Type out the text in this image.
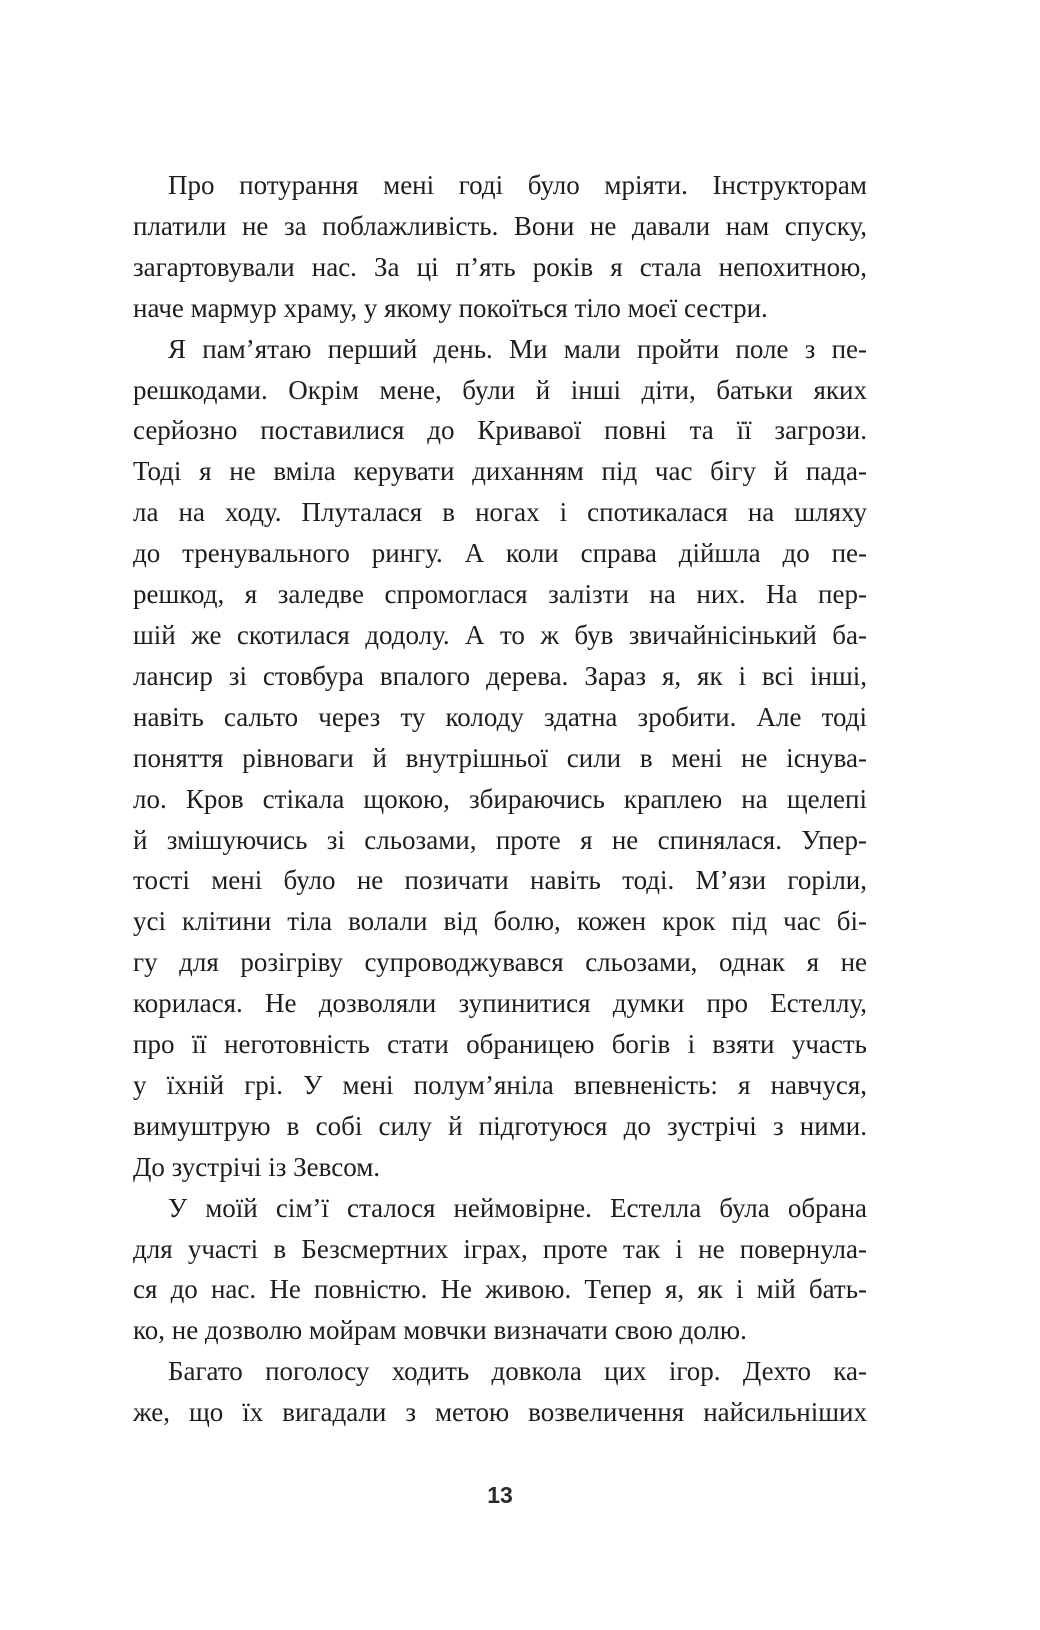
Про потурання мені годі було мріяти. Інструкторам
платили не за поблажливість. Вони не давали нам спуску,
загартовували нас. За ці п’ять років я стала непохитною,
наче мармур храму, у якому покоїться тіло моєї сестри.
Я пам’ятаю перший день. Ми мали пройти поле з пе-
решкодами. Окрім мене, були й інші діти, батьки яких
серйозно поставилися до Кривавої повні та її загрози.
Тоді я не вміла керувати диханням під час бігу й пада-
ла на ходу. Плуталася в ногах і спотикалася на шляху
до тренувального рингу. А коли справа дійшла до пе-
решкод, я заледве спромоглася залізти на них. На пер-
шій же скотилася додолу. А то ж був звичайнісінький ба-
лансир зі стовбура впалого дерева. Зараз я, як і всі інші,
навіть сальто через ту колоду здатна зробити. Але тоді
поняття рівноваги й внутрішньої сили в мені не існува-
ло. Кров стікала щокою, збираючись краплею на щелепі
й змішуючись зі сльозами, проте я не спинялася. Упер-
тості мені було не позичати навіть тоді. М’язи горіли,
усі клітини тіла волали від болю, кожен крок під час бі-
гу для розігріву супроводжувався сльозами, однак я не
корилася. Не дозволяли зупинитися думки про Естеллу,
про її неготовність стати обраницею богів і взяти участь
у їхній грі. У мені полум’яніла впевненість: я навчуся,
вимуштрую в собі силу й підготуюся до зустрічі з ними.
До зустрічі із Зевсом.
У моїй сім’ї сталося неймовірне. Естелла була обрана
для участі в Безсмертних іграх, проте так і не повернула-
ся до нас. Не повністю. Не живою. Тепер я, як і мій бать-
ко, не дозволю мойрам мовчки визначати свою долю.
Багато поголосу ходить довкола цих ігор. Дехто ка-
же, що їх вигадали з метою возвеличення найсильніших
13
